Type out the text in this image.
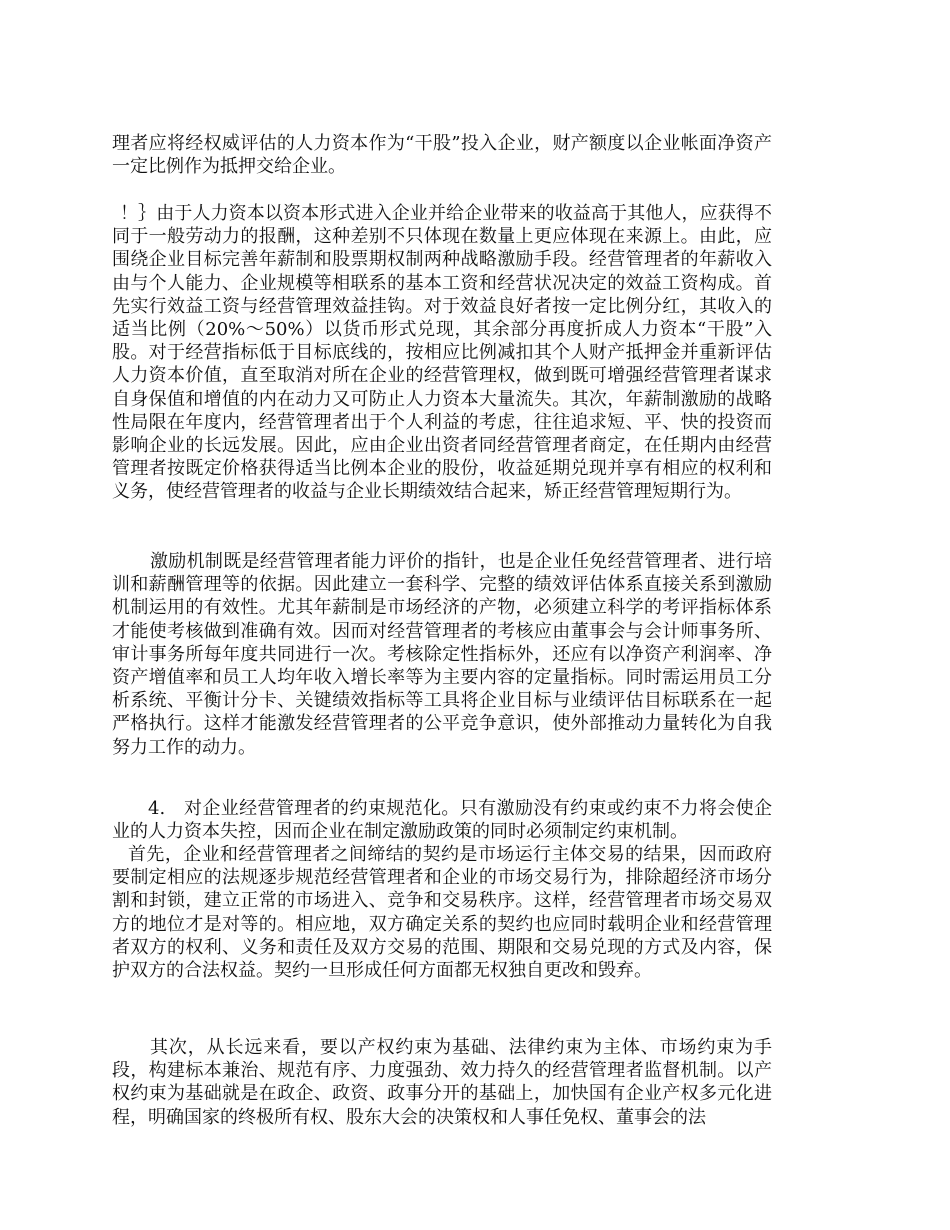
理者应将经权威评估的人力资本作为“干股”投入企业，财产额度以企业帐面净资产一定比例作为抵押交给企业。

！｝由于人力资本以资本形式进入企业并给企业带来的收益高于其他人，应获得不同于一般劳动力的报酬，这种差别不只体现在数量上更应体现在来源上。由此，应围绕企业目标完善年薪制和股票期权制两种战略激励手段。经营管理者的年薪收入由与个人能力、企业规模等相联系的基本工资和经营状况决定的效益工资构成。首先实行效益工资与经营管理效益挂钩。对于效益良好者按一定比例分红，其收入的适当比例（20%～50%）以货币形式兑现，其余部分再度折成人力资本“干股”入股。对于经营指标低于目标底线的，按相应比例减扣其个人财产抵押金并重新评估人力资本价值，直至取消对所在企业的经营管理权，做到既可增强经营管理者谋求自身保值和增值的内在动力又可防止人力资本大量流失。其次，年薪制激励的战略性局限在年度内，经营管理者出于个人利益的考虑，往往追求短、平、快的投资而影响企业的长远发展。因此，应由企业出资者同经营管理者商定，在任期内由经营管理者按既定价格获得适当比例本企业的股份，收益延期兑现并享有相应的权利和义务，使经营管理者的收益与企业长期绩效结合起来，矫正经营管理短期行为。

激励机制既是经营管理者能力评价的指针，也是企业任免经营管理者、进行培训和薪酬管理等的依据。因此建立一套科学、完整的绩效评估体系直接关系到激励机制运用的有效性。尤其年薪制是市场经济的产物，必须建立科学的考评指标体系才能使考核做到准确有效。因而对经营管理者的考核应由董事会与会计师事务所、审计事务所每年度共同进行一次。考核除定性指标外，还应有以净资产利润率、净资产增值率和员工人均年收入增长率等为主要内容的定量指标。同时需运用员工分析系统、平衡计分卡、关键绩效指标等工具将企业目标与业绩评估目标联系在一起严格执行。这样才能激发经营管理者的公平竞争意识，使外部推动力量转化为自我努力工作的动力。

4.　对企业经营管理者的约束规范化。只有激励没有约束或约束不力将会使企业的人力资本失控，因而企业在制定激励政策的同时必须制定约束机制。

首先，企业和经营管理者之间缔结的契约是市场运行主体交易的结果，因而政府要制定相应的法规逐步规范经营管理者和企业的市场交易行为，排除超经济市场分割和封锁，建立正常的市场进入、竞争和交易秩序。这样，经营管理者市场交易双方的地位才是对等的。相应地，双方确定关系的契约也应同时载明企业和经营管理者双方的权利、义务和责任及双方交易的范围、期限和交易兑现的方式及内容，保护双方的合法权益。契约一旦形成任何方面都无权独自更改和毁弃。

其次，从长远来看，要以产权约束为基础、法律约束为主体、市场约束为手段，构建标本兼治、规范有序、力度强劲、效力持久的经营管理者监督机制。以产权约束为基础就是在政企、政资、政事分开的基础上，加快国有企业产权多元化进程，明确国家的终极所有权、股东大会的决策权和人事任免权、董事会的法
